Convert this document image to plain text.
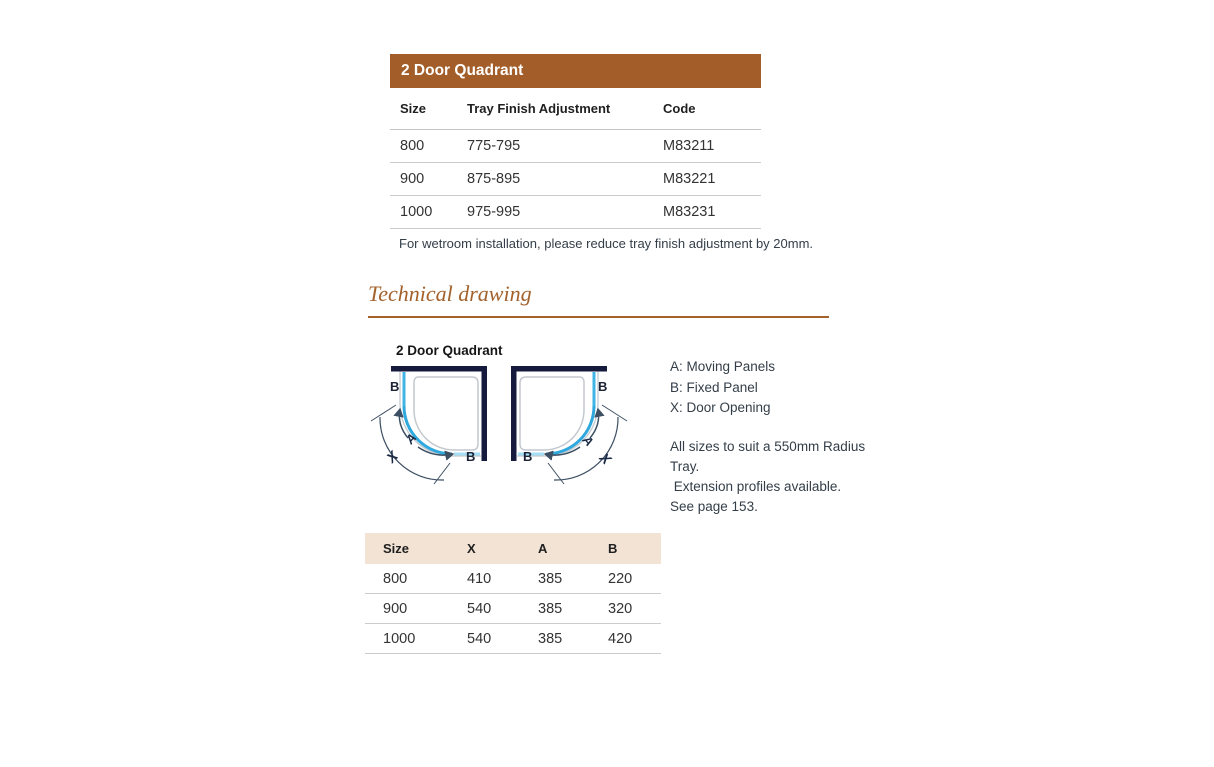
2 Door Quadrant
Size	Tray Finish Adjustment	Code
800	775-795	M83211
900	875-895	M83221
1000	975-995	M83231
For wetroom installation, please reduce tray finish adjustment by 20mm.
Technical drawing
2 Door Quadrant
B
B
A
X
B
B
A
X
A: Moving Panels
B: Fixed Panel
X: Door Opening
All sizes to suit a 550mm Radius
Tray.
Extension profiles available.
See page 153.
Size	X	A	B
800	410	385	220
900	540	385	320
1000	540	385	420
